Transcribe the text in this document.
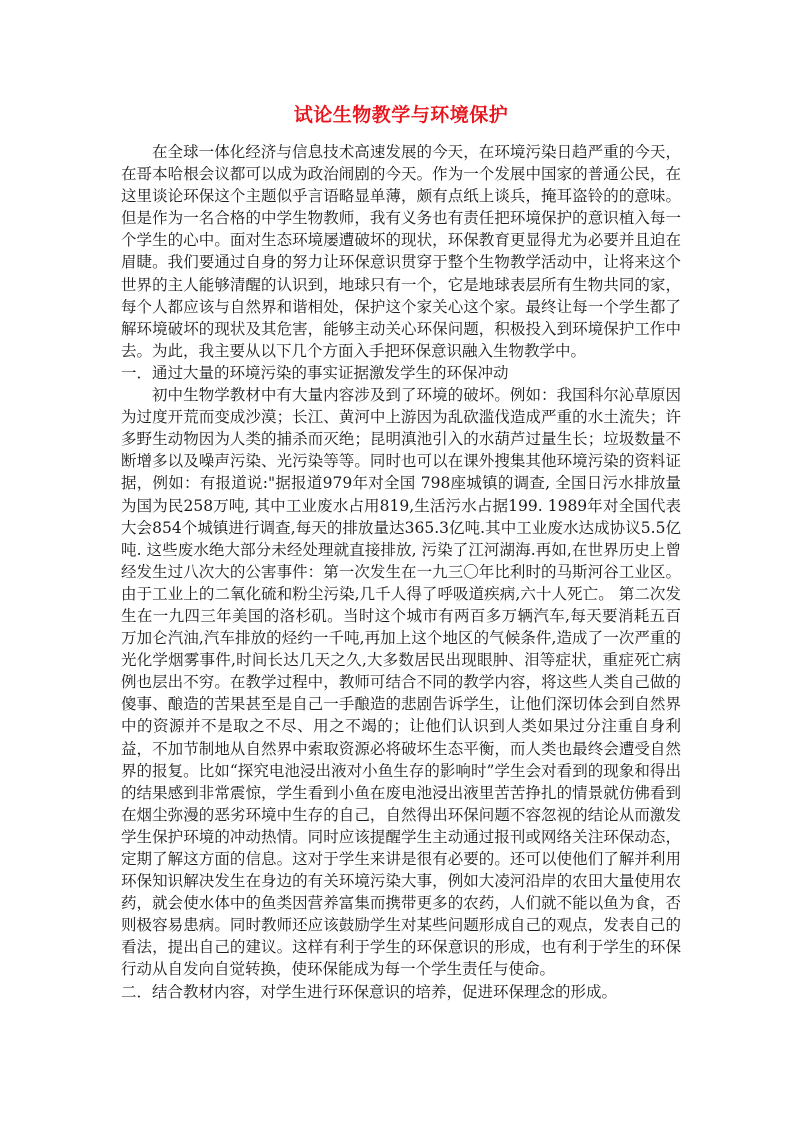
试论生物教学与环境保护

在全球一体化经济与信息技术高速发展的今天，在环境污染日趋严重的今天，在哥本哈根会议都可以成为政治闹剧的今天。作为一个发展中国家的普通公民，在这里谈论环保这个主题似乎言语略显单薄，颇有点纸上谈兵，掩耳盗铃的的意味。但是作为一名合格的中学生物教师，我有义务也有责任把环境保护的意识植入每一个学生的心中。面对生态环境屡遭破坏的现状，环保教育更显得尤为必要并且迫在眉睫。我们要通过自身的努力让环保意识贯穿于整个生物教学活动中，让将来这个世界的主人能够清醒的认识到，地球只有一个，它是地球表层所有生物共同的家，每个人都应该与自然界和谐相处，保护这个家关心这个家。最终让每一个学生都了解环境破坏的现状及其危害，能够主动关心环保问题，积极投入到环境保护工作中去。为此，我主要从以下几个方面入手把环保意识融入生物教学中。

一．通过大量的环境污染的事实证据激发学生的环保冲动

初中生物学教材中有大量内容涉及到了环境的破坏。例如：我国科尔沁草原因为过度开荒而变成沙漠；长江、黄河中上游因为乱砍滥伐造成严重的水土流失；许多野生动物因为人类的捕杀而灭绝；昆明滇池引入的水葫芦过量生长；垃圾数量不断增多以及噪声污染、光污染等等。同时也可以在课外搜集其他环境污染的资料证据，例如：有报道说:"据报道979年对全国 798座城镇的调查, 全国日污水排放量为国为民258万吨, 其中工业废水占用819,生活污水占据199. 1989年对全国代表大会854个城镇进行调查,每天的排放量达365.3亿吨.其中工业废水达成协议5.5亿吨. 这些废水绝大部分未经处理就直接排放, 污染了江河湖海.再如,在世界历史上曾经发生过八次大的公害事件：第一次发生在一九三〇年比利时的马斯河谷工业区。由于工业上的二氧化硫和粉尘污染,几千人得了呼吸道疾病,六十人死亡。 第二次发生在一九四三年美国的洛杉矶。当时这个城市有两百多万辆汽车,每天要消耗五百万加仑汽油,汽车排放的烃约一千吨,再加上这个地区的气候条件,造成了一次严重的光化学烟雾事件,时间长达几天之久,大多数居民出现眼肿、泪等症状，重症死亡病例也层出不穷。在教学过程中，教师可结合不同的教学内容，将这些人类自己做的傻事、酿造的苦果甚至是自己一手酿造的悲剧告诉学生，让他们深切体会到自然界中的资源并不是取之不尽、用之不竭的；让他们认识到人类如果过分注重自身利益，不加节制地从自然界中索取资源必将破坏生态平衡，而人类也最终会遭受自然界的报复。比如“探究电池浸出液对小鱼生存的影响时”学生会对看到的现象和得出的结果感到非常震惊，学生看到小鱼在废电池浸出液里苦苦挣扎的情景就仿佛看到在烟尘弥漫的恶劣环境中生存的自己，自然得出环保问题不容忽视的结论从而激发学生保护环境的冲动热情。同时应该提醒学生主动通过报刊或网络关注环保动态，定期了解这方面的信息。这对于学生来讲是很有必要的。还可以使他们了解并利用环保知识解决发生在身边的有关环境污染大事，例如大凌河沿岸的农田大量使用农药，就会使水体中的鱼类因营养富集而携带更多的农药，人们就不能以鱼为食，否则极容易患病。同时教师还应该鼓励学生对某些问题形成自己的观点，发表自己的看法，提出自己的建议。这样有利于学生的环保意识的形成，也有利于学生的环保行动从自发向自觉转换，使环保能成为每一个学生责任与使命。

二．结合教材内容，对学生进行环保意识的培养，促进环保理念的形成。
